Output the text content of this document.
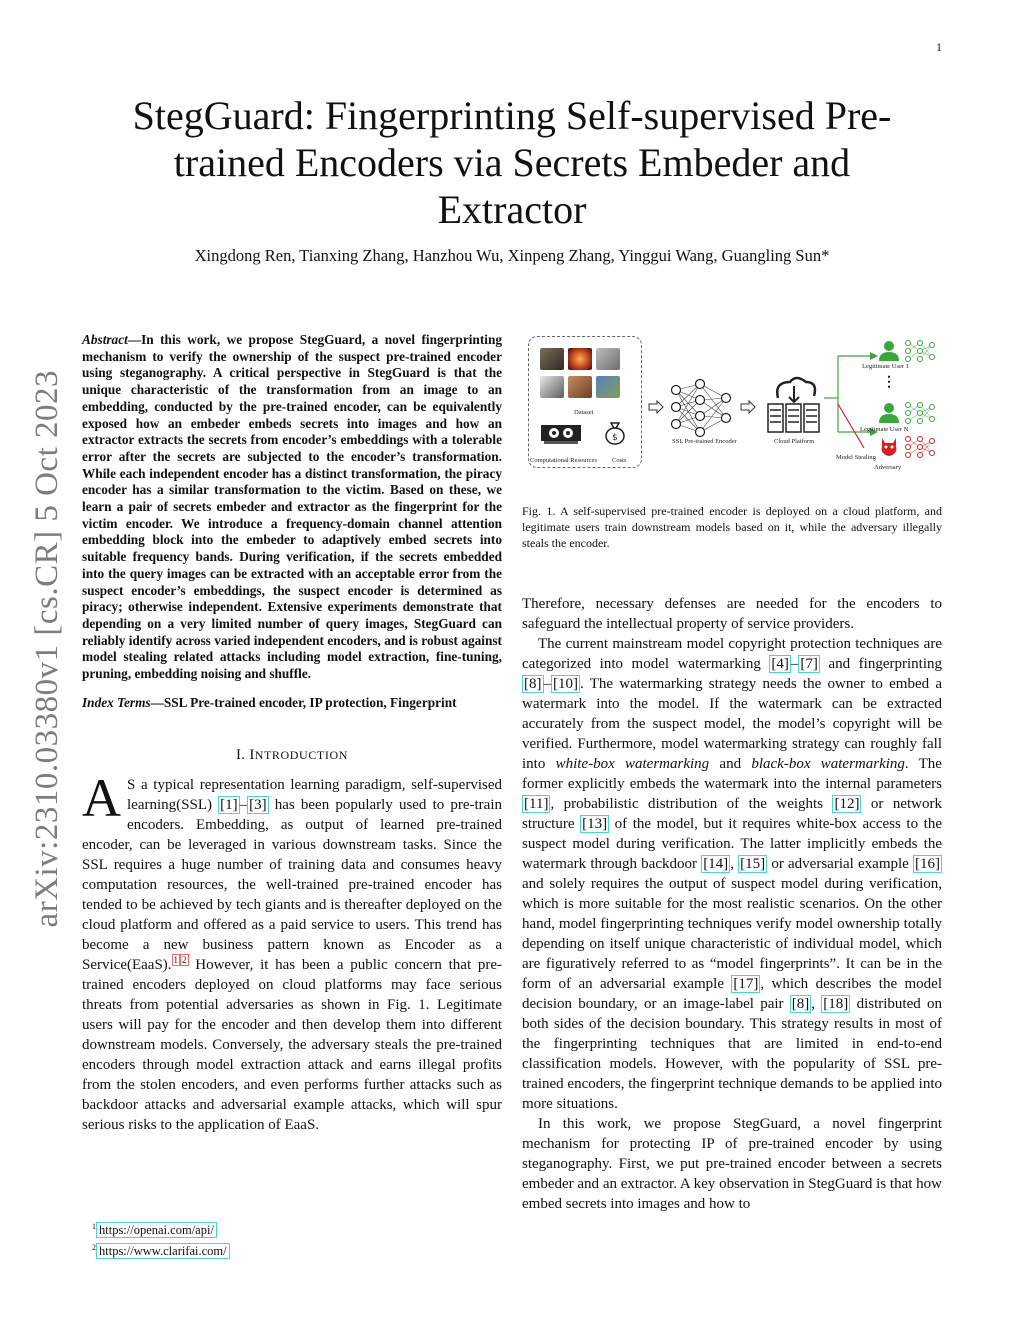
1
StegGuard: Fingerprinting Self-supervised Pre-trained Encoders via Secrets Embeder and Extractor
Xingdong Ren, Tianxing Zhang, Hanzhou Wu, Xinpeng Zhang, Yinggui Wang, Guangling Sun*
arXiv:2310.03380v1 [cs.CR] 5 Oct 2023

Abstract—In this work, we propose StegGuard, a novel fingerprinting mechanism to verify the ownership of the suspect pre-trained encoder using steganography. A critical perspective in StegGuard is that the unique characteristic of the transformation from an image to an embedding, conducted by the pre-trained encoder, can be equivalently exposed how an embeder embeds secrets into images and how an extractor extracts the secrets from encoder’s embeddings with a tolerable error after the secrets are subjected to the encoder’s transformation. While each independent encoder has a distinct transformation, the piracy encoder has a similar transformation to the victim. Based on these, we learn a pair of secrets embeder and extractor as the fingerprint for the victim encoder. We introduce a frequency-domain channel attention embedding block into the embeder to adaptively embed secrets into suitable frequency bands. During verification, if the secrets embedded into the query images can be extracted with an acceptable error from the suspect encoder’s embeddings, the suspect encoder is determined as piracy; otherwise independent. Extensive experiments demonstrate that depending on a very limited number of query images, StegGuard can reliably identify across varied independent encoders, and is robust against model stealing related attacks including model extraction, fine-tuning, pruning, embedding noising and shuffle.

Index Terms—SSL Pre-trained encoder, IP protection, Fingerprint

I. INTRODUCTION

A S a typical representation learning paradigm, self-supervised learning(SSL) [1] – [3] has been popularly used to pre-train encoders. Embedding, as output of learned pre-trained encoder, can be leveraged in various downstream tasks. Since the SSL requires a huge number of training data and consumes heavy computation resources, the well-trained pre-trained encoder has tended to be achieved by tech giants and is thereafter deployed on the cloud platform and offered as a paid service to users. This trend has become a new business pattern known as Encoder as a Service(EaaS). $^1$ $^2$ However, it has been a public concern that pre-trained encoders deployed on cloud platforms may face serious threats from potential adversaries as shown in Fig. 1. Legitimate users will pay for the encoder and then develop them into different downstream models. Conversely, the adversary steals the pre-trained encoders through model extraction attack and earns illegal profits from the stolen encoders, and even performs further attacks such as backdoor attacks and adversarial example attacks, which will spur serious risks to the application of EaaS.

$^1$ https://openai.com/api/
$^2$ https://www.clarifai.com/
Dataset
$
Computational Resources Costs
SSL Pre-trained Encoder	Cloud Platform
Legitimate User 1
⋮
Legitimate User N
Model Stealing
Adversary
Fig. 1. A self-supervised pre-trained encoder is deployed on a cloud platform, and legitimate users train downstream models based on it, while the adversary illegally steals the encoder.

Therefore, necessary defenses are needed for the encoders to safeguard the intellectual property of service providers.

The current mainstream model copyright protection techniques are categorized into model watermarking [4] – [7] and fingerprinting [8] – [10] . The watermarking strategy needs the owner to embed a watermark into the model. If the watermark can be extracted accurately from the suspect model, the model’s copyright will be verified. Furthermore, model watermarking strategy can roughly fall into white-box watermarking and black-box watermarking. The former explicitly embeds the watermark into the internal parameters [11] , probabilistic distribution of the weights [12] or network structure [13] of the model, but it requires white-box access to the suspect model during verification. The latter implicitly embeds the watermark through backdoor [14] , [15] or adversarial example [16] and solely requires the output of suspect model during verification, which is more suitable for the most realistic scenarios. On the other hand, model fingerprinting techniques verify model ownership totally depending on itself unique characteristic of individual model, which are figuratively referred to as “model fingerprints”. It can be in the form of an adversarial example [17] , which describes the model decision boundary, or an image-label pair [8] , [18] distributed on both sides of the decision boundary. This strategy results in most of the fingerprinting techniques that are limited in end-to-end classification models. However, with the popularity of SSL pre-trained encoders, the fingerprint technique demands to be applied into more situations.

In this work, we propose StegGuard, a novel fingerprint mechanism for protecting IP of pre-trained encoder by using steganography. First, we put pre-trained encoder between a secrets embeder and an extractor. A key observation in StegGuard is that how embed secrets into images and how to
